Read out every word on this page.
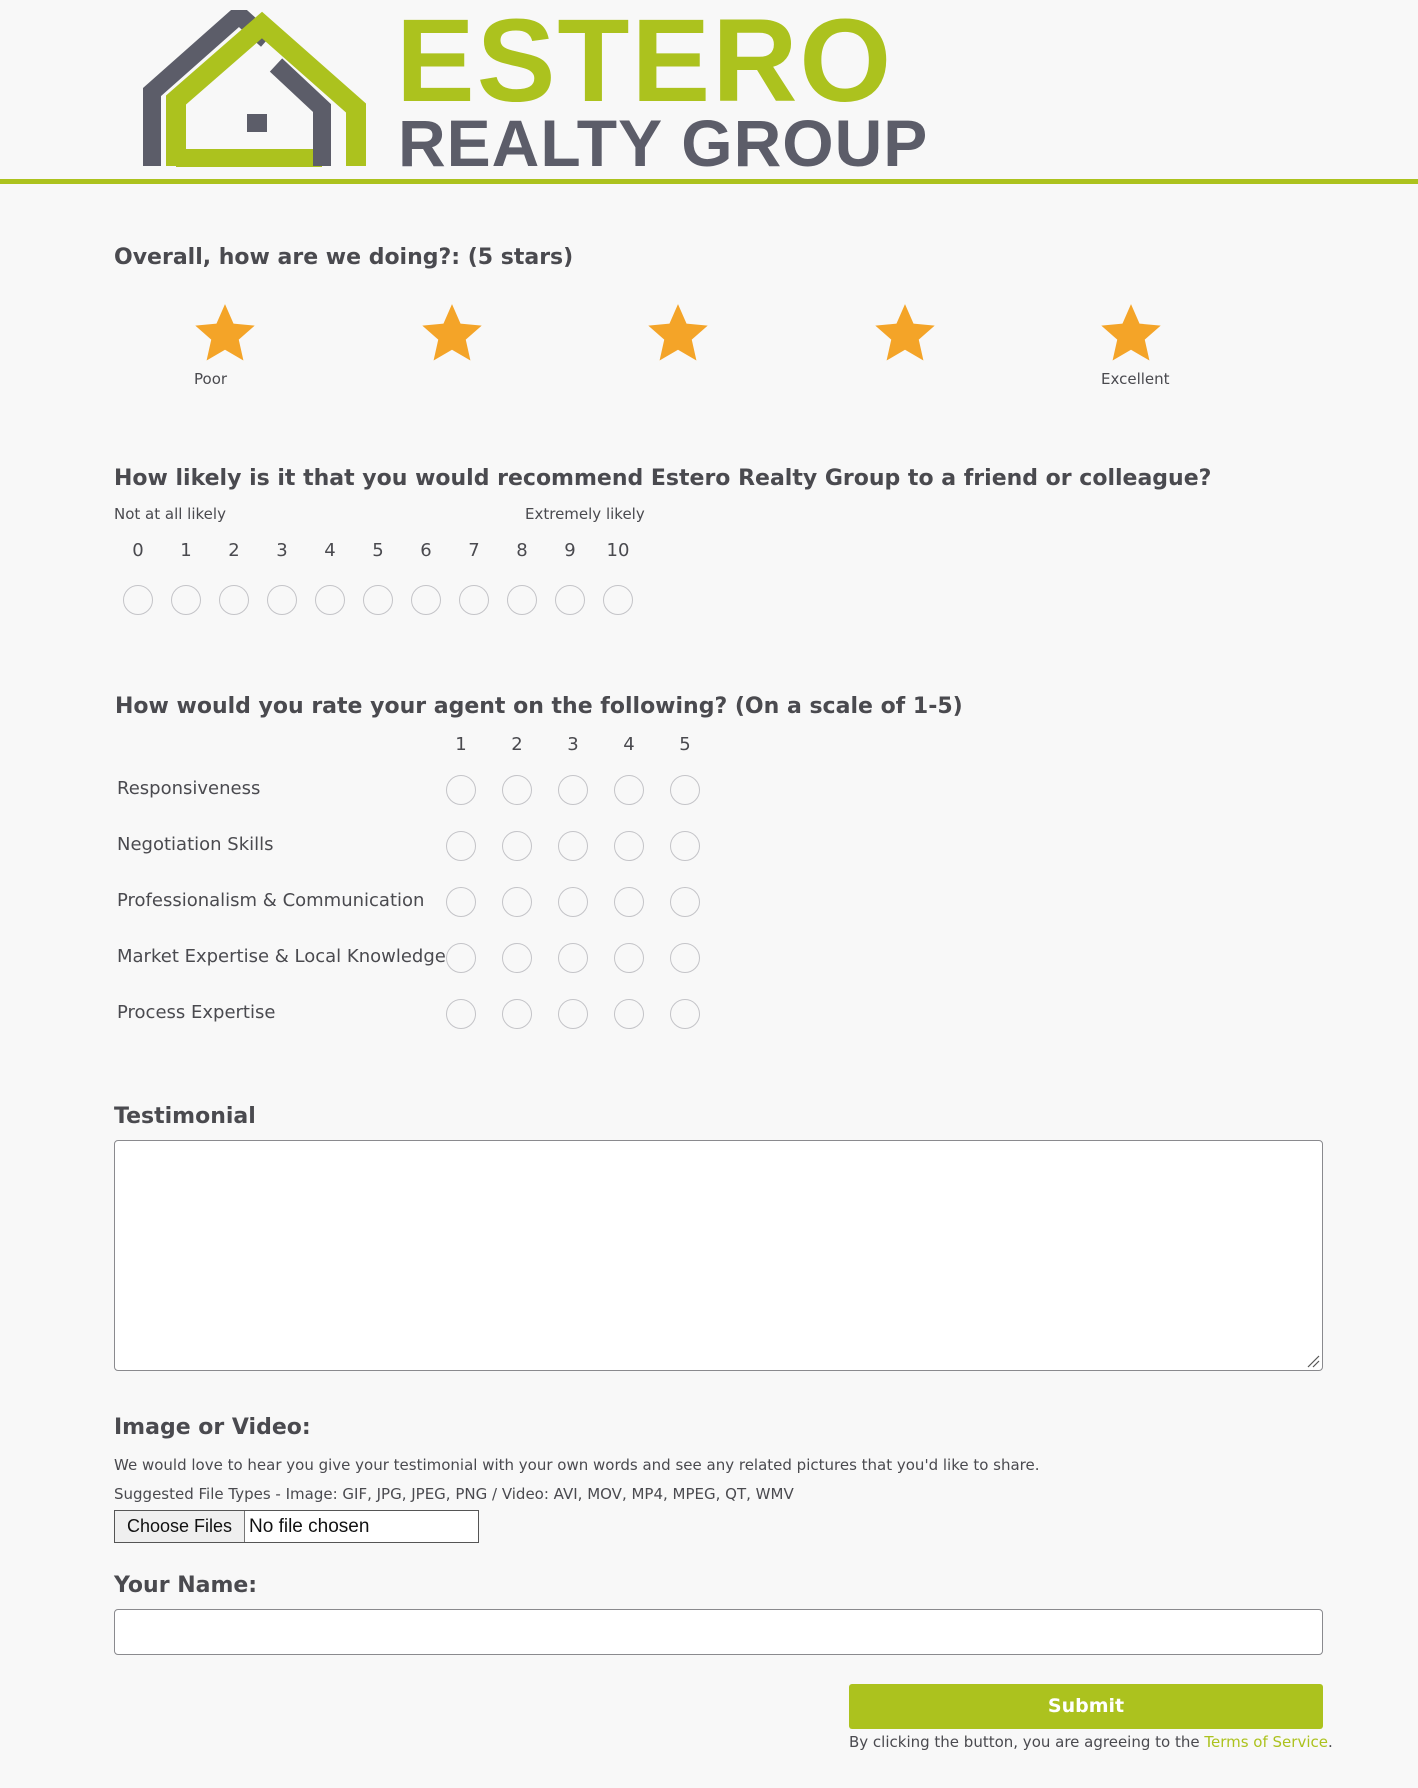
ESTERO
REALTY GROUP
Overall, how are we doing?: (5 stars)
Poor	Excellent
How likely is it that you would recommend Estero Realty Group to a friend or colleague?
Not at all likely	Extremely likely
0	1	2	3	4	5	6	7	8	9	10
How would you rate your agent on the following? (On a scale of 1-5)
1	2	3	4	5
Responsiveness
Negotiation Skills
Professionalism & Communication
Market Expertise & Local Knowledge
Process Expertise
Testimonial
Image or Video:
We would love to hear you give your testimonial with your own words and see any related pictures that you'd like to share.
Suggested File Types - Image: GIF, JPG, JPEG, PNG / Video: AVI, MOV, MP4, MPEG, QT, WMV
Choose Files No file chosen
Your Name:
Submit
By clicking the button, you are agreeing to the Terms of Service.
